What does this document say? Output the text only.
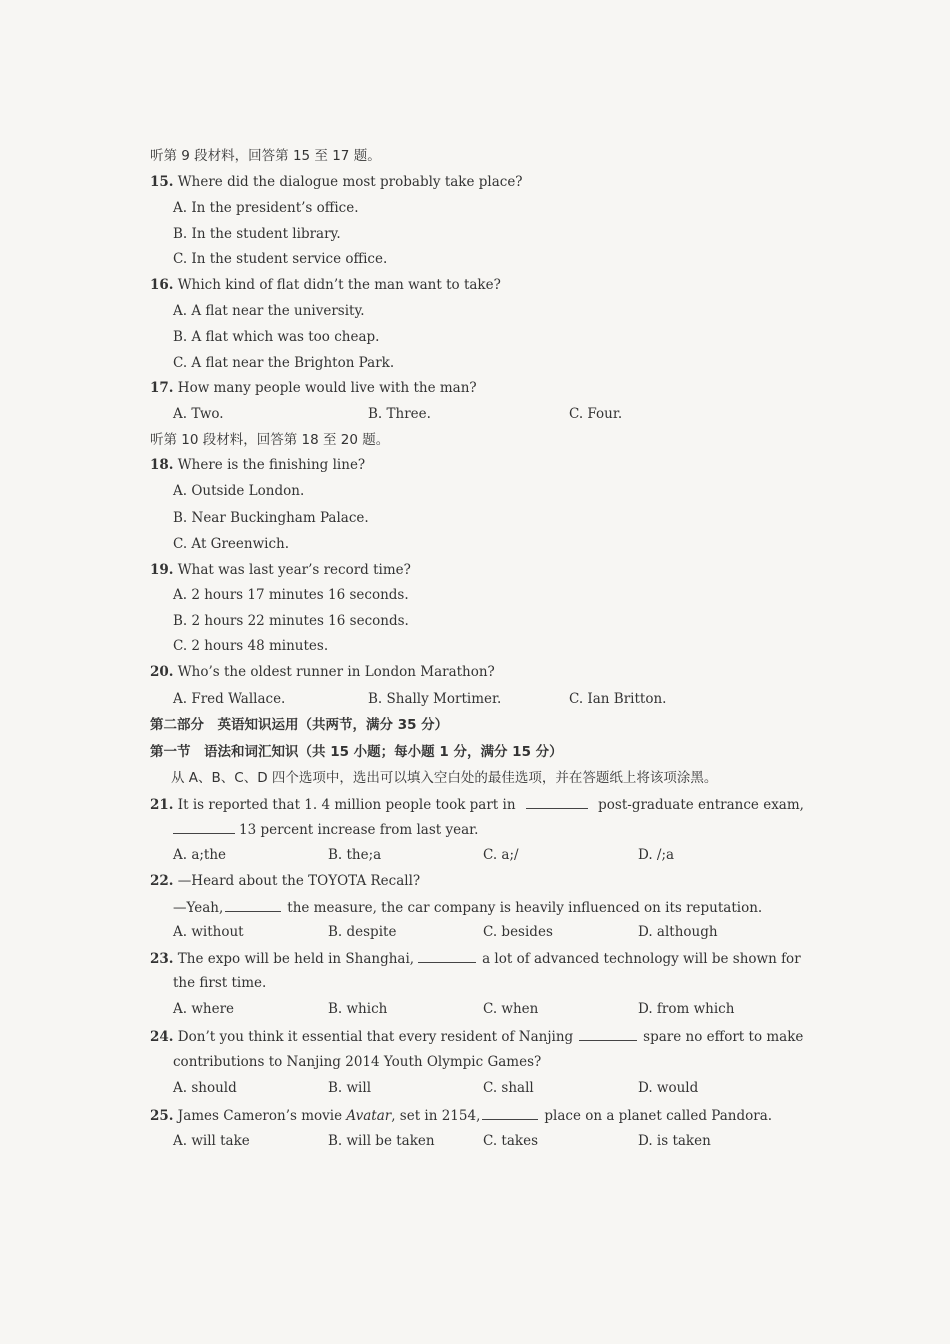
听第 9 段材料，回答第 15 至 17 题。
15. Where did the dialogue most probably take place?
A. In the president’s office.
B. In the student library.
C. In the student service office.
16. Which kind of flat didn’t the man want to take?
A. A flat near the university.
B. A flat which was too cheap.
C. A flat near the Brighton Park.
17. How many people would live with the man?
A. Two.	B. Three.	C. Four.
听第 10 段材料，回答第 18 至 20 题。
18. Where is the finishing line?
A. Outside London.
B. Near Buckingham Palace.
C. At Greenwich.
19. What was last year’s record time?
A. 2 hours 17 minutes 16 seconds.
B. 2 hours 22 minutes 16 seconds.
C. 2 hours 48 minutes.
20. Who’s the oldest runner in London Marathon?
A. Fred Wallace.	B. Shally Mortimer.	C. Ian Britton.
第二部分　英语知识运用（共两节，满分 35 分）
第一节　语法和词汇知识（共 15 小题；每小题 1 分，满分 15 分）
从 A、B、C、D 四个选项中，选出可以填入空白处的最佳选项，并在答题纸上将该项涂黑。
21. It is reported that 1. 4 million people took part in	post-graduate entrance exam,
13 percent increase from last year.
A. a;the	B. the;a	C. a;/	D. /;a
22. —Heard about the TOYOTA Recall?
—Yeah,	the measure, the car company is heavily influenced on its reputation.
A. without	B. despite	C. besides	D. although
23. The expo will be held in Shanghai,	a lot of advanced technology will be shown for
the first time.
A. where	B. which	C. when	D. from which
24. Don’t you think it essential that every resident of Nanjing	spare no effort to make
contributions to Nanjing 2014 Youth Olympic Games?
A. should	B. will	C. shall	D. would
25. James Cameron’s movie Avatar, set in 2154,	place on a planet called Pandora.
A. will take	B. will be taken	C. takes	D. is taken
